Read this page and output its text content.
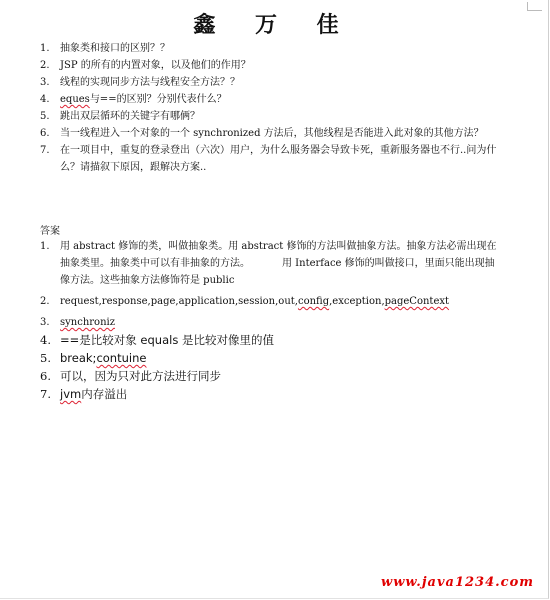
鑫 万 佳
1. 抽象类和接口的区别？？
2. JSP 的所有的内置对象，以及他们的作用？
3. 线程的实现同步方法与线程安全方法？？
4. eques与==的区别？分别代表什么？
5. 跳出双层循环的关键字有哪俩？
6. 当一线程进入一个对象的一个 synchronized 方法后，其他线程是否能进入此对象的其他方法？
7. 在一项目中，重复的登录登出（六次）用户，为什么服务器会导致卡死，重新服务器也不行..问为什么？请描叙下原因，跟解决方案..
答案
1. 用 abstract 修饰的类，叫做抽象类。用 abstract 修饰的方法叫做抽象方法。抽象方法必需出现在抽象类里。抽象类中可以有非抽象的方法。	用 Interface 修饰的叫做接口，里面只能出现抽像方法。这些抽象方法修饰符是 public
2. request,response,page,application,session,out,config,exception,pageContext
3. synchroniz
4. ==是比较对象 equals 是比较对像里的值
5. break;contuine
6. 可以，因为只对此方法进行同步
7. jvm内存溢出
www.java1234.com
